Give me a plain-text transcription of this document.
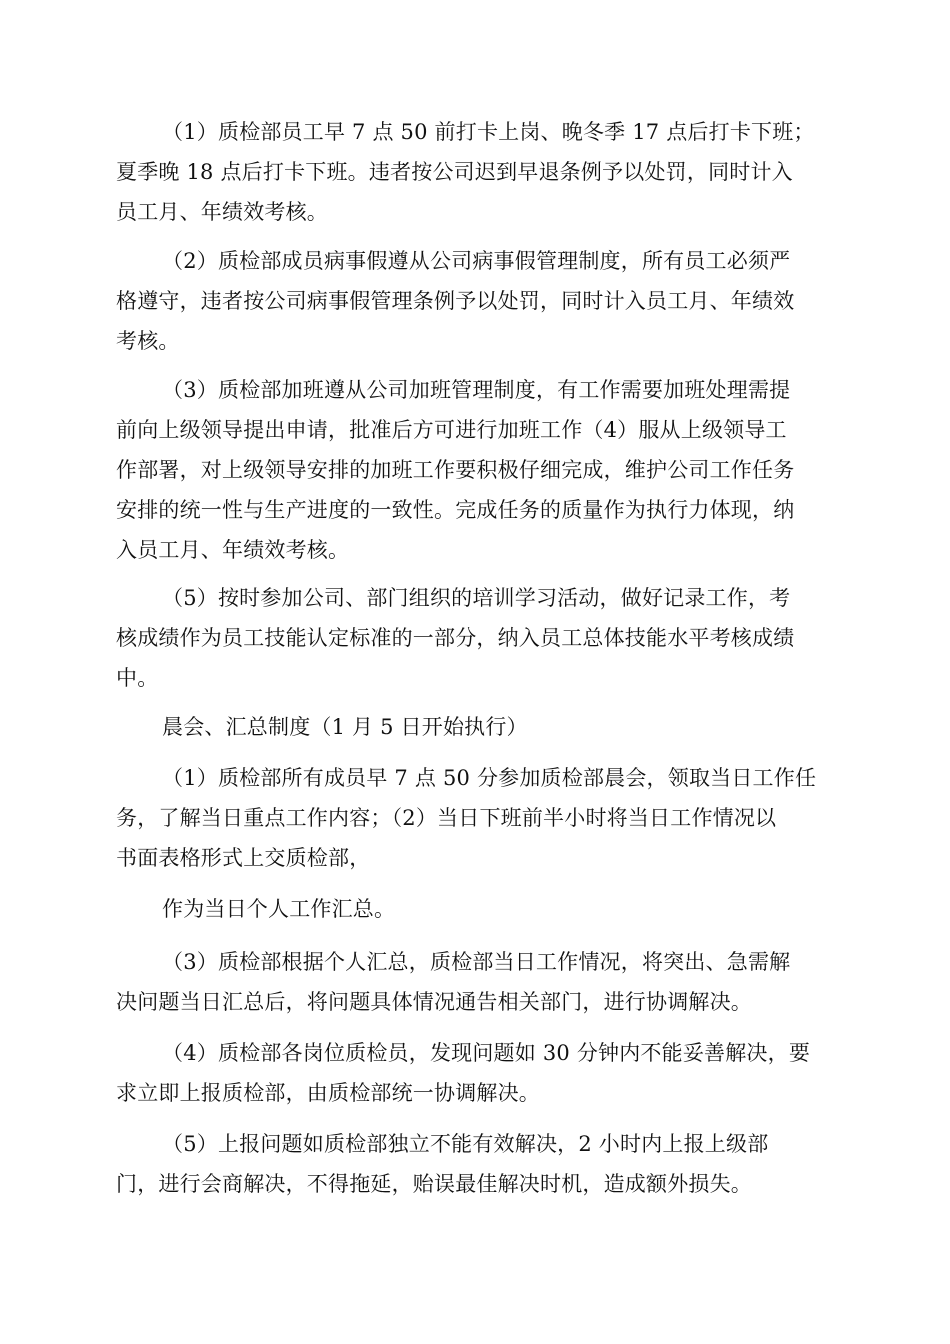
（1）质检部员工早 7 点 50 前打卡上岗、晚冬季 17 点后打卡下班；
夏季晚 18 点后打卡下班。违者按公司迟到早退条例予以处罚，同时计入
员工月、年绩效考核。

（2）质检部成员病事假遵从公司病事假管理制度，所有员工必须严
格遵守，违者按公司病事假管理条例予以处罚，同时计入员工月、年绩效
考核。

（3）质检部加班遵从公司加班管理制度，有工作需要加班处理需提
前向上级领导提出申请，批准后方可进行加班工作（4）服从上级领导工
作部署，对上级领导安排的加班工作要积极仔细完成，维护公司工作任务
安排的统一性与生产进度的一致性。完成任务的质量作为执行力体现，纳
入员工月、年绩效考核。

（5）按时参加公司、部门组织的培训学习活动，做好记录工作，考
核成绩作为员工技能认定标准的一部分，纳入员工总体技能水平考核成绩
中。

晨会、汇总制度（1 月 5 日开始执行）

（1）质检部所有成员早 7 点 50 分参加质检部晨会，领取当日工作任
务，了解当日重点工作内容；（2）当日下班前半小时将当日工作情况以
书面表格形式上交质检部，

作为当日个人工作汇总。

（3）质检部根据个人汇总，质检部当日工作情况，将突出、急需解
决问题当日汇总后，将问题具体情况通告相关部门，进行协调解决。

（4）质检部各岗位质检员，发现问题如 30 分钟内不能妥善解决，要
求立即上报质检部，由质检部统一协调解决。

（5）上报问题如质检部独立不能有效解决，2 小时内上报上级部
门，进行会商解决，不得拖延，贻误最佳解决时机，造成额外损失。
